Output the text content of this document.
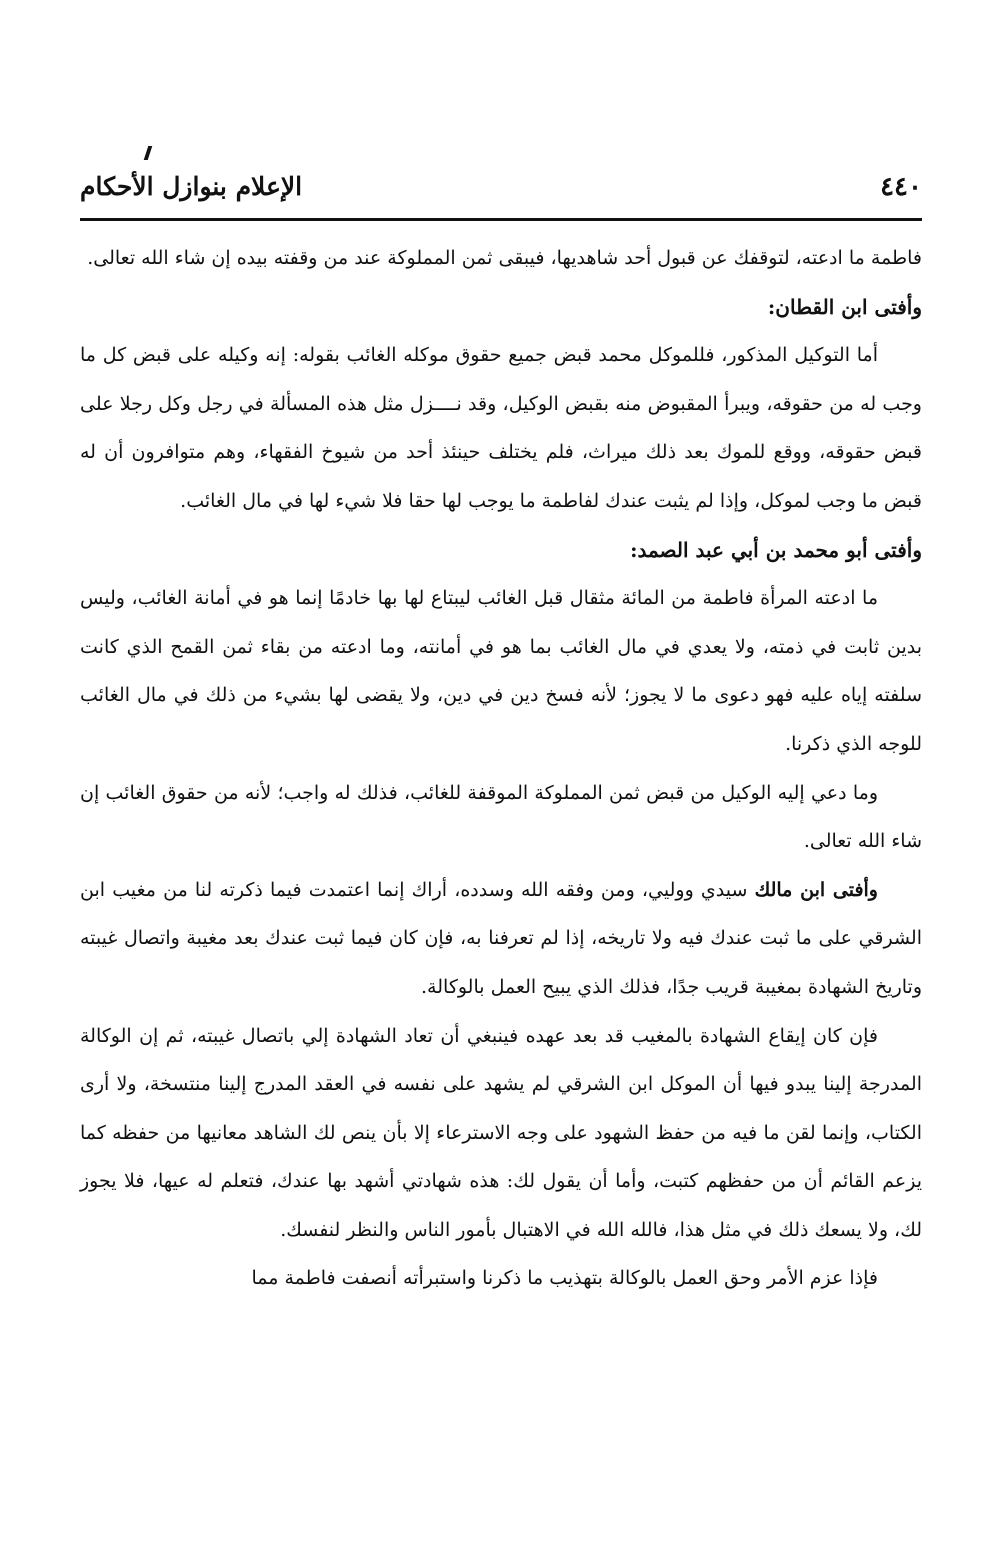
٤٤٠
الإعلام بنوازل الأحكام

فاطمة ما ادعته، لتوقفك عن قبول أحد شاهديها، فيبقى ثمن المملوكة عند من وقفته بيده إن شاء الله تعالى.

وأفتى ابن القطان:

أما التوكيل المذكور، فللموكل محمد قبض جميع حقوق موكله الغائب بقوله: إنه وكيله على قبض كل ما وجب له من حقوقه، ويبرأ المقبوض منه بقبض الوكيل، وقد نــــزل مثل هذه المسألة في رجل وكل رجلا على قبض حقوقه، ووقع للموك بعد ذلك ميراث، فلم يختلف حينئذ أحد من شيوخ الفقهاء، وهم متوافرون أن له قبض ما وجب لموكل، وإذا لم يثبت عندك لفاطمة ما يوجب لها حقا فلا شيء لها في مال الغائب.

وأفتى أبو محمد بن أبي عبد الصمد:

ما ادعته المرأة فاطمة من المائة مثقال قبل الغائب ليبتاع لها بها خادمًا إنما هو في أمانة الغائب، وليس بدين ثابت في ذمته، ولا يعدي في مال الغائب بما هو في أمانته، وما ادعته من بقاء ثمن القمح الذي كانت سلفته إياه عليه فهو دعوى ما لا يجوز؛ لأنه فسخ دين في دين، ولا يقضى لها بشيء من ذلك في مال الغائب للوجه الذي ذكرنا.

وما دعي إليه الوكيل من قبض ثمن المملوكة الموقفة للغائب، فذلك له واجب؛ لأنه من حقوق الغائب إن شاء الله تعالى.

وأفتى ابن مالك سيدي ووليي، ومن وفقه الله وسدده، أراك إنما اعتمدت فيما ذكرته لنا من مغيب ابن الشرقي على ما ثبت عندك فيه ولا تاريخه، إذا لم تعرفنا به، فإن كان فيما ثبت عندك بعد مغيبة واتصال غيبته وتاريخ الشهادة بمغيبة قريب جدًا، فذلك الذي يبيح العمل بالوكالة.

فإن كان إيقاع الشهادة بالمغيب قد بعد عهده فينبغي أن تعاد الشهادة إلي باتصال غيبته، ثم إن الوكالة المدرجة إلينا يبدو فيها أن الموكل ابن الشرقي لم يشهد على نفسه في العقد المدرج إلينا منتسخة، ولا أرى الكتاب، وإنما لقن ما فيه من حفظ الشهود على وجه الاسترعاء إلا بأن ينص لك الشاهد معانيها من حفظه كما يزعم القائم أن من حفظهم كتبت، وأما أن يقول لك: هذه شهادتي أشهد بها عندك، فتعلم له عيها، فلا يجوز لك، ولا يسعك ذلك في مثل هذا، فالله الله في الاهتبال بأمور الناس والنظر لنفسك.

فإذا عزم الأمر وحق العمل بالوكالة بتهذيب ما ذكرنا واستبرأته أنصفت فاطمة مما
